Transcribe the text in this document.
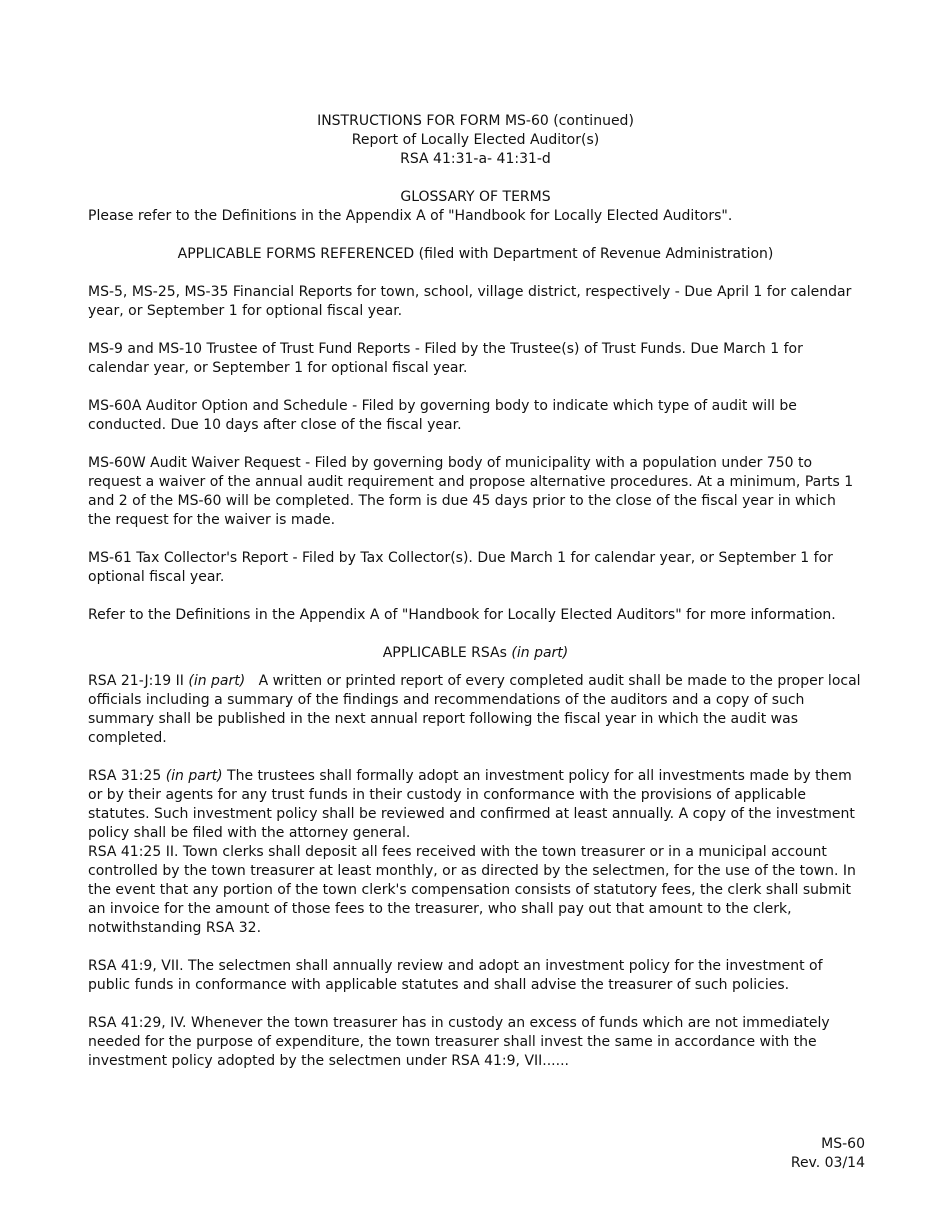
INSTRUCTIONS FOR FORM MS-60 (continued)

Report of Locally Elected Auditor(s)

RSA 41:31-a- 41:31-d

GLOSSARY OF TERMS

Please refer to the Definitions in the Appendix A of "Handbook for Locally Elected Auditors".

APPLICABLE FORMS REFERENCED (filed with Department of Revenue Administration)

MS-5, MS-25, MS-35 Financial Reports for town, school, village district, respectively - Due April 1 for calendar year, or September 1 for optional fiscal year.

MS-9 and MS-10 Trustee of Trust Fund Reports - Filed by the Trustee(s) of Trust Funds. Due March 1 for calendar year, or September 1 for optional fiscal year.

MS-60A Auditor Option and Schedule - Filed by governing body to indicate which type of audit will be conducted. Due 10 days after close of the fiscal year.

MS-60W Audit Waiver Request - Filed by governing body of municipality with a population under 750 to request a waiver of the annual audit requirement and propose alternative procedures. At a minimum, Parts 1 and 2 of the MS-60 will be completed. The form is due 45 days prior to the close of the fiscal year in which the request for the waiver is made.

MS-61 Tax Collector's Report - Filed by Tax Collector(s). Due March 1 for calendar year, or September 1 for optional fiscal year.

Refer to the Definitions in the Appendix A of "Handbook for Locally Elected Auditors" for more information.

APPLICABLE RSAs (in part)

RSA 21-J:19 II (in part) A written or printed report of every completed audit shall be made to the proper local officials including a summary of the findings and recommendations of the auditors and a copy of such summary shall be published in the next annual report following the fiscal year in which the audit was completed.

RSA 31:25 (in part) The trustees shall formally adopt an investment policy for all investments made by them or by their agents for any trust funds in their custody in conformance with the provisions of applicable statutes. Such investment policy shall be reviewed and confirmed at least annually. A copy of the investment policy shall be filed with the attorney general.

RSA 41:25 II. Town clerks shall deposit all fees received with the town treasurer or in a municipal account controlled by the town treasurer at least monthly, or as directed by the selectmen, for the use of the town. In the event that any portion of the town clerk's compensation consists of statutory fees, the clerk shall submit an invoice for the amount of those fees to the treasurer, who shall pay out that amount to the clerk, notwithstanding RSA 32.

RSA 41:9, VII. The selectmen shall annually review and adopt an investment policy for the investment of public funds in conformance with applicable statutes and shall advise the treasurer of such policies.

RSA 41:29, IV. Whenever the town treasurer has in custody an excess of funds which are not immediately needed for the purpose of expenditure, the town treasurer shall invest the same in accordance with the investment policy adopted by the selectmen under RSA 41:9, VII......

MS-60
Rev. 03/14
